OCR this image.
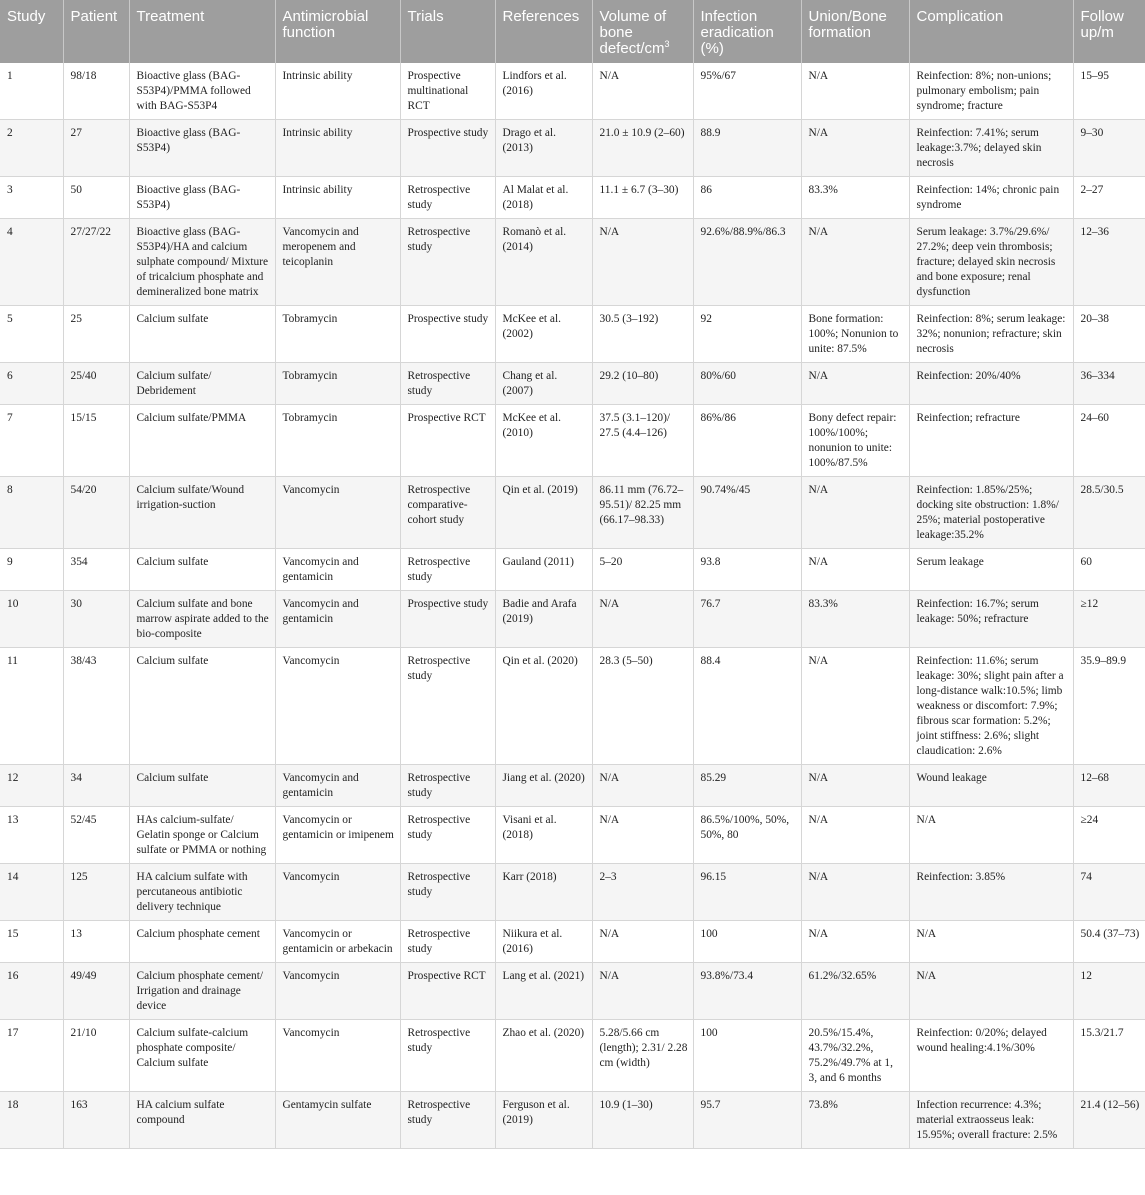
Study	Patient	Treatment	Antimicrobial function	Trials	References	Volume of bone defect/$cm^3$	Infection eradication (%)	Union/Bone formation	Complication	Follow up/m
1	98/18	Bioactive glass (BAG-S53P4)/PMMA followed with BAG-S53P4	Intrinsic ability	Prospective multinational RCT	Lindfors et al. (2016)	N/A	95%/67	N/A	Reinfection: 8%; non-unions; pulmonary embolism; pain syndrome; fracture	15–95
2	27	Bioactive glass (BAG-S53P4)	Intrinsic ability	Prospective study	Drago et al. (2013)	21.0 ± 10.9 (2–60)	88.9	N/A	Reinfection: 7.41%; serum leakage:3.7%; delayed skin necrosis	9–30
3	50	Bioactive glass (BAG-S53P4)	Intrinsic ability	Retrospective study	Al Malat et al. (2018)	11.1 ± 6.7 (3–30)	86	83.3%	Reinfection: 14%; chronic pain syndrome	2–27
4	27/27/22	Bioactive glass (BAG-S53P4)/HA and calcium sulphate compound/ Mixture of tricalcium phosphate and demineralized bone matrix	Vancomycin and meropenem and teicoplanin	Retrospective study	Romanò et al. (2014)	N/A	92.6%/88.9%/86.3	N/A	Serum leakage: 3.7%/29.6%/ 27.2%; deep vein thrombosis; fracture; delayed skin necrosis and bone exposure; renal dysfunction	12–36
5	25	Calcium sulfate	Tobramycin	Prospective study	McKee et al. (2002)	30.5 (3–192)	92	Bone formation: 100%; Nonunion to unite: 87.5%	Reinfection: 8%; serum leakage: 32%; nonunion; refracture; skin necrosis	20–38
6	25/40	Calcium sulfate/ Debridement	Tobramycin	Retrospective study	Chang et al. (2007)	29.2 (10–80)	80%/60	N/A	Reinfection: 20%/40%	36–334
7	15/15	Calcium sulfate/PMMA	Tobramycin	Prospective RCT	McKee et al. (2010)	37.5 (3.1–120)/ 27.5 (4.4–126)	86%/86	Bony defect repair: 100%/100%; nonunion to unite: 100%/87.5%	Reinfection; refracture	24–60
8	54/20	Calcium sulfate/Wound irrigation-suction	Vancomycin	Retrospective comparative-cohort study	Qin et al. (2019)	86.11 mm (76.72–95.51)/ 82.25 mm (66.17–98.33)	90.74%/45	N/A	Reinfection: 1.85%/25%; docking site obstruction: 1.8%/ 25%; material postoperative leakage:35.2%	28.5/30.5
9	354	Calcium sulfate	Vancomycin and gentamicin	Retrospective study	Gauland (2011)	5–20	93.8	N/A	Serum leakage	60
10	30	Calcium sulfate and bone marrow aspirate added to the bio-composite	Vancomycin and gentamicin	Prospective study	Badie and Arafa (2019)	N/A	76.7	83.3%	Reinfection: 16.7%; serum leakage: 50%; refracture	≥12
11	38/43	Calcium sulfate	Vancomycin	Retrospective study	Qin et al. (2020)	28.3 (5–50)	88.4	N/A	Reinfection: 11.6%; serum leakage: 30%; slight pain after a long-distance walk:10.5%; limb weakness or discomfort: 7.9%; fibrous scar formation: 5.2%; joint stiffness: 2.6%; slight claudication: 2.6%	35.9–89.9
12	34	Calcium sulfate	Vancomycin and gentamicin	Retrospective study	Jiang et al. (2020)	N/A	85.29	N/A	Wound leakage	12–68
13	52/45	HAs calcium-sulfate/ Gelatin sponge or Calcium sulfate or PMMA or nothing	Vancomycin or gentamicin or imipenem	Retrospective study	Visani et al. (2018)	N/A	86.5%/100%, 50%, 50%, 80	N/A	N/A	≥24
14	125	HA calcium sulfate with percutaneous antibiotic delivery technique	Vancomycin	Retrospective study	Karr (2018)	2–3	96.15	N/A	Reinfection: 3.85%	74
15	13	Calcium phosphate cement	Vancomycin or gentamicin or arbekacin	Retrospective study	Niikura et al. (2016)	N/A	100	N/A	N/A	50.4 (37–73)
16	49/49	Calcium phosphate cement/ Irrigation and drainage device	Vancomycin	Prospective RCT	Lang et al. (2021)	N/A	93.8%/73.4	61.2%/32.65%	N/A	12
17	21/10	Calcium sulfate-calcium phosphate composite/ Calcium sulfate	Vancomycin	Retrospective study	Zhao et al. (2020)	5.28/5.66 cm (length); 2.31/ 2.28 cm (width)	100	20.5%/15.4%, 43.7%/32.2%, 75.2%/49.7% at 1, 3, and 6 months	Reinfection: 0/20%; delayed wound healing:4.1%/30%	15.3/21.7
18	163	HA calcium sulfate compound	Gentamycin sulfate	Retrospective study	Ferguson et al. (2019)	10.9 (1–30)	95.7	73.8%	Infection recurrence: 4.3%; material extraosseus leak: 15.95%; overall fracture: 2.5%	21.4 (12–56)
